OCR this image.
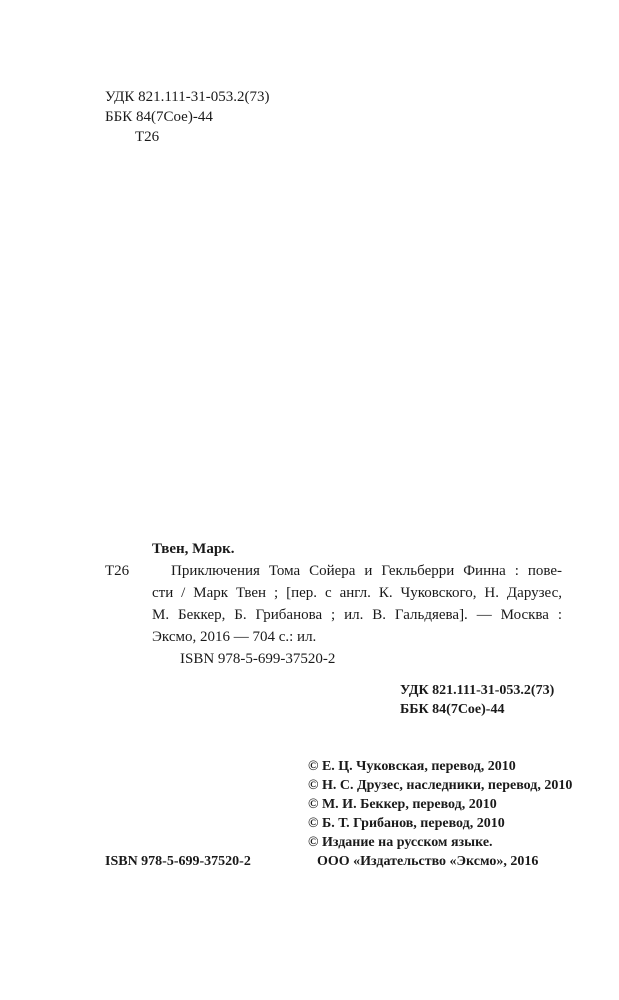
УДК 821.111-31-053.2(73)
ББК 84(7Сое)-44
Т26
Твен, Марк.
Т26	Приключения Тома Сойера и Гекльберри Финна : пове-
сти / Марк Твен ; [пер. с англ. К. Чуковского, Н. Дарузес,
М. Беккер, Б. Грибанова ; ил. В. Гальдяева]. — Москва :
Эксмо, 2016 — 704 с.: ил.
ISBN 978-5-699-37520-2
УДК 821.111-31-053.2(73)
ББК 84(7Сое)-44
© Е. Ц. Чуковская, перевод, 2010
© Н. С. Друзес, наследники, перевод, 2010
© М. И. Беккер, перевод, 2010
© Б. Т. Грибанов, перевод, 2010
© Издание на русском языке.
ISBN 978-5-699-37520-2	ООО «Издательство «Эксмо», 2016
